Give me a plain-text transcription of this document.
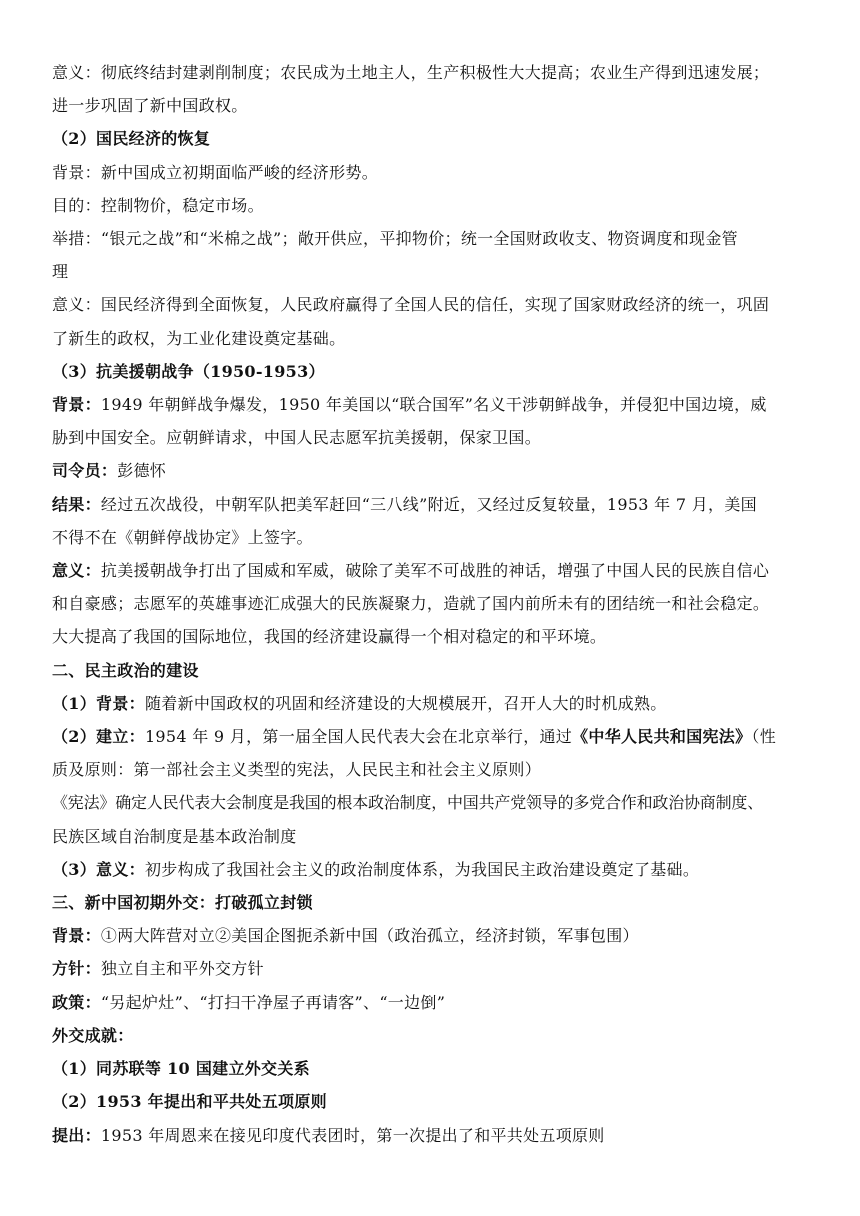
意义：彻底终结封建剥削制度；农民成为土地主人，生产积极性大大提高；农业生产得到迅速发展；

进一步巩固了新中国政权。

（2）国民经济的恢复

背景：新中国成立初期面临严峻的经济形势。

目的：控制物价，稳定市场。

举措：“银元之战”和“米棉之战”；敞开供应，平抑物价；统一全国财政收支、物资调度和现金管

理

意义：国民经济得到全面恢复，人民政府赢得了全国人民的信任，实现了国家财政经济的统一，巩固

了新生的政权，为工业化建设奠定基础。

（3）抗美援朝战争（1950-1953）

背景：1949 年朝鲜战争爆发，1950 年美国以“联合国军”名义干涉朝鲜战争，并侵犯中国边境，威

胁到中国安全。应朝鲜请求，中国人民志愿军抗美援朝，保家卫国。

司令员：彭德怀

结果：经过五次战役，中朝军队把美军赶回“三八线”附近，又经过反复较量，1953 年 7 月，美国

不得不在《朝鲜停战协定》上签字。

意义：抗美援朝战争打出了国威和军威，破除了美军不可战胜的神话，增强了中国人民的民族自信心

和自豪感；志愿军的英雄事迹汇成强大的民族凝聚力，造就了国内前所未有的团结统一和社会稳定。

大大提高了我国的国际地位，我国的经济建设赢得一个相对稳定的和平环境。

二、民主政治的建设

（1）背景：随着新中国政权的巩固和经济建设的大规模展开，召开人大的时机成熟。

（2）建立：1954 年 9 月，第一届全国人民代表大会在北京举行，通过《中华人民共和国宪法》（性

质及原则：第一部社会主义类型的宪法，人民民主和社会主义原则）

《宪法》确定人民代表大会制度是我国的根本政治制度，中国共产党领导的多党合作和政治协商制度、

民族区域自治制度是基本政治制度

（3）意义：初步构成了我国社会主义的政治制度体系，为我国民主政治建设奠定了基础。

三、新中国初期外交：打破孤立封锁

背景：①两大阵营对立②美国企图扼杀新中国（政治孤立，经济封锁，军事包围）

方针：独立自主和平外交方针

政策：“另起炉灶”、“打扫干净屋子再请客”、“一边倒”

外交成就：

（1）同苏联等 10 国建立外交关系

（2）1953 年提出和平共处五项原则

提出：1953 年周恩来在接见印度代表团时，第一次提出了和平共处五项原则
